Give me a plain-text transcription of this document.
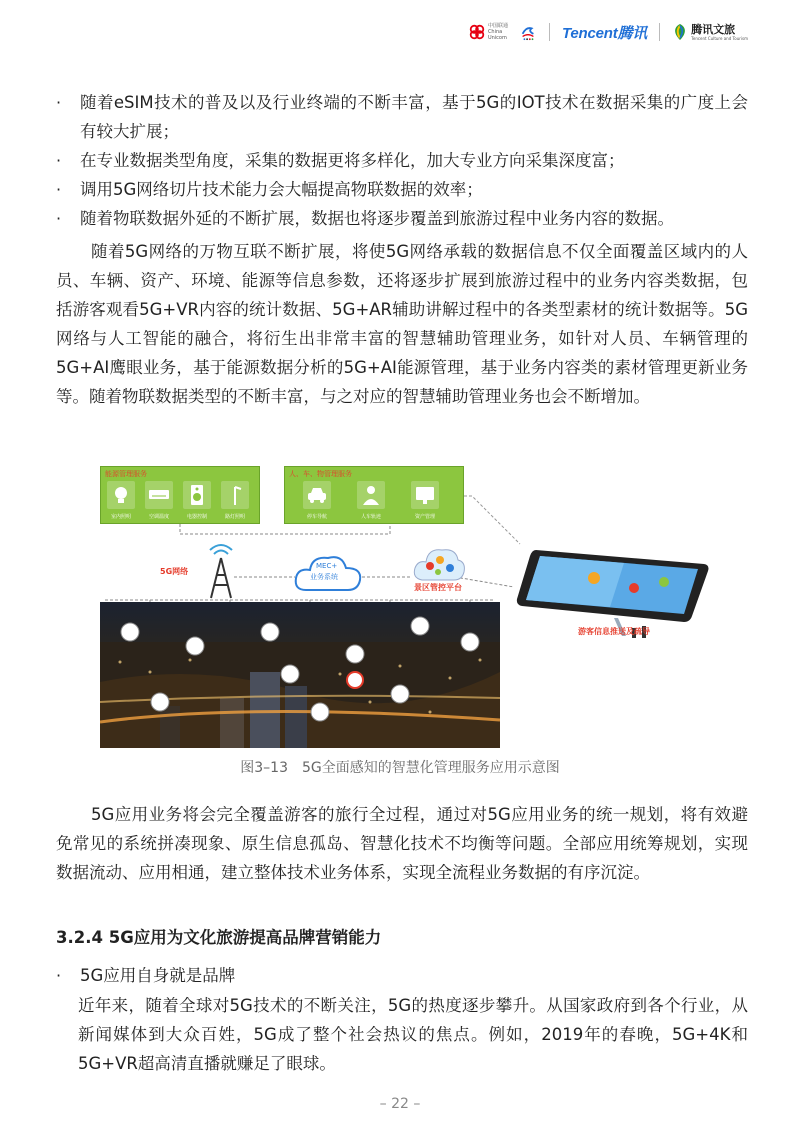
中国联通 China Unicom	Tencent腾讯	腾讯文旅
Tencent Culture and Tourism
· 随着eSIM技术的普及以及行业终端的不断丰富，基于5G的IOT技术在数据采集的广度上会有较大扩展；
· 在专业数据类型角度，采集的数据更将多样化，加大专业方向采集深度富；
· 调用5G网络切片技术能力会大幅提高物联数据的效率；
· 随着物联数据外延的不断扩展，数据也将逐步覆盖到旅游过程中业务内容的数据。

随着5G网络的万物互联不断扩展，将使5G网络承载的数据信息不仅全面覆盖区域内的人员、车辆、资产、环境、能源等信息参数，还将逐步扩展到旅游过程中的业务内容类数据，包括游客观看5G+VR内容的统计数据、5G+AR辅助讲解过程中的各类型素材的统计数据等。5G网络与人工智能的融合，将衍生出非常丰富的智慧辅助管理业务，如针对人员、车辆管理的5G+AI鹰眼业务，基于能源数据分析的5G+AI能源管理，基于业务内容类的素材管理更新业务等。随着物联数据类型的不断丰富，与之对应的智慧辅助管理业务也会不断增加。

能源管理服务
室内照明	空调温度	电器控制	路灯照明
人、车、物管理服务
停车导航	人车轨迹	资产管理
5G网络
MEC+
业务系统
景区管控平台
游客信息推送及疏导
图3–13　5G全面感知的智慧化管理服务应用示意图

5G应用业务将会完全覆盖游客的旅行全过程，通过对5G应用业务的统一规划，将有效避免常见的系统拼凑现象、原生信息孤岛、智慧化技术不均衡等问题。全部应用统筹规划，实现数据流动、应用相通，建立整体技术业务体系，实现全流程业务数据的有序沉淀。

3.2.4 5G应用为文化旅游提高品牌营销能力
· 5G应用自身就是品牌

近年来，随着全球对5G技术的不断关注，5G的热度逐步攀升。从国家政府到各个行业，从新闻媒体到大众百姓，5G成了整个社会热议的焦点。例如，2019年的春晚，5G+4K和5G+VR超高清直播就赚足了眼球。

– 22 –
